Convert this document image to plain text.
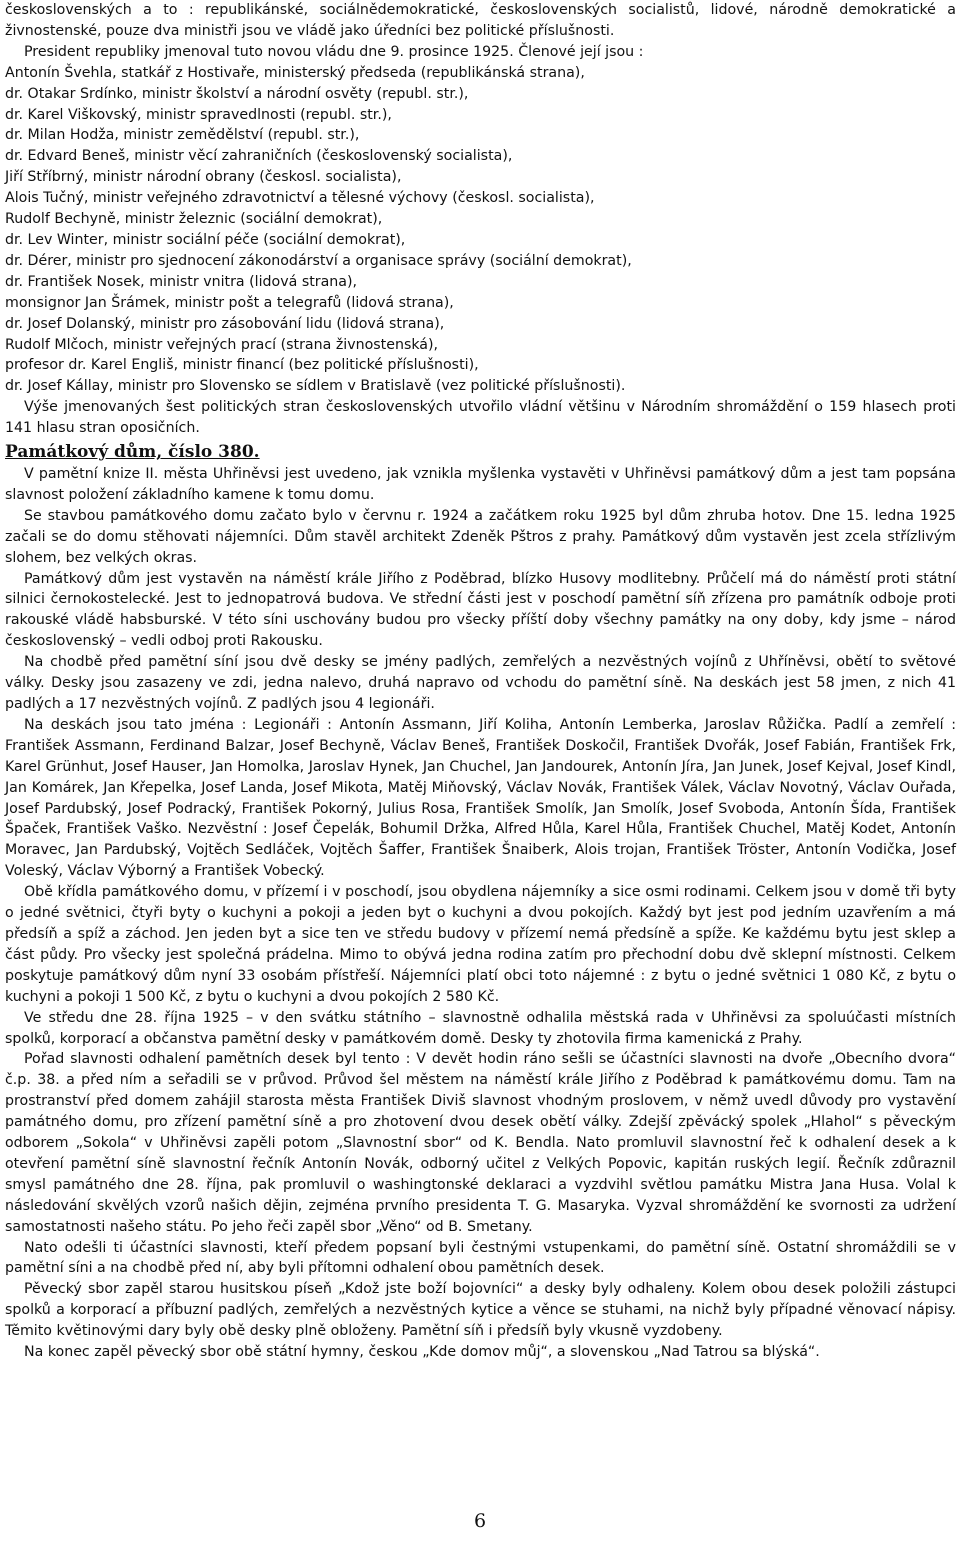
československých a to : republikánské, sociálnědemokratické, československých socialistů, lidové, národně demokratické a živnostenské, pouze dva ministři jsou ve vládě jako úředníci bez politické příslušnosti.

President republiky jmenoval tuto novou vládu dne 9. prosince 1925. Členové její jsou :

Antonín Švehla, statkář z Hostivaře, ministerský předseda (republikánská strana),
dr. Otakar Srdínko, ministr školství a národní osvěty (republ. str.),
dr. Karel Viškovský, ministr spravedlnosti (republ. str.),
dr. Milan Hodža, ministr zemědělství (republ. str.),
dr. Edvard Beneš, ministr věcí zahraničních (československý socialista),
Jiří Stříbrný, ministr národní obrany (českosl. socialista),
Alois Tučný, ministr veřejného zdravotnictví a tělesné výchovy (českosl. socialista),
Rudolf Bechyně, ministr železnic (sociální demokrat),
dr. Lev Winter, ministr sociální péče (sociální demokrat),
dr. Dérer, ministr pro sjednocení zákonodárství a organisace správy (sociální demokrat),
dr. František Nosek, ministr vnitra (lidová strana),
monsignor Jan Šrámek, ministr pošt a telegrafů (lidová strana),
dr. Josef Dolanský, ministr pro zásobování lidu (lidová strana),
Rudolf Mlčoch, ministr veřejných prací (strana živnostenská),
profesor dr. Karel Engliš, ministr financí (bez politické příslušnosti),
dr. Josef Kállay, ministr pro Slovensko se sídlem v Bratislavě (vez politické příslušnosti).

Výše jmenovaných šest politických stran československých utvořilo vládní většinu v Národním shromáždění o 159 hlasech proti 141 hlasu stran oposičních.

Památkový dům, číslo 380.

V pamětní knize II. města Uhřiněvsi jest uvedeno, jak vznikla myšlenka vystavěti v Uhřiněvsi památkový dům a jest tam popsána slavnost položení základního kamene k tomu domu.

Se stavbou památkového domu začato bylo v červnu r. 1924 a začátkem roku 1925 byl dům zhruba hotov. Dne 15. ledna 1925 začali se do domu stěhovati nájemníci. Dům stavěl architekt Zdeněk Pštros z prahy. Památkový dům vystavěn jest zcela střízlivým slohem, bez velkých okras.

Památkový dům jest vystavěn na náměstí krále Jiřího z Poděbrad, blízko Husovy modlitebny. Průčelí má do náměstí proti státní silnici černokostelecké. Jest to jednopatrová budova. Ve střední části jest v poschodí pamětní síň zřízena pro památník odboje proti rakouské vládě habsburské. V této síni uschovány budou pro všecky příští doby všechny památky na ony doby, kdy jsme – národ československý – vedli odboj proti Rakousku.

Na chodbě před pamětní síní jsou dvě desky se jmény padlých, zemřelých a nezvěstných vojínů z Uhříněvsi, obětí to světové války. Desky jsou zasazeny ve zdi, jedna nalevo, druhá napravo od vchodu do pamětní síně. Na deskách jest 58 jmen, z nich 41 padlých a 17 nezvěstných vojínů. Z padlých jsou 4 legionáři.

Na deskách jsou tato jména : Legionáři : Antonín Assmann, Jiří Koliha, Antonín Lemberka, Jaroslav Růžička. Padlí a zemřelí : František Assmann, Ferdinand Balzar, Josef Bechyně, Václav Beneš, František Doskočil, František Dvořák, Josef Fabián, František Frk, Karel Grünhut, Josef Hauser, Jan Homolka, Jaroslav Hynek, Jan Chuchel, Jan Jandourek, Antonín Jíra, Jan Junek, Josef Kejval, Josef Kindl, Jan Komárek, Jan Křepelka, Josef Landa, Josef Mikota, Matěj Miňovský, Václav Novák, František Válek, Václav Novotný, Václav Ouřada, Josef Pardubský, Josef Podracký, František Pokorný, Julius Rosa, František Smolík, Jan Smolík, Josef Svoboda, Antonín Šída, František Špaček, František Vaško. Nezvěstní : Josef Čepelák, Bohumil Držka, Alfred Hůla, Karel Hůla, František Chuchel, Matěj Kodet, Antonín Moravec, Jan Pardubský, Vojtěch Sedláček, Vojtěch Šaffer, František Šnaiberk, Alois trojan, František Tröster, Antonín Vodička, Josef Voleský, Václav Výborný a František Vobecký.

Obě křídla památkového domu, v přízemí i v poschodí, jsou obydlena nájemníky a sice osmi rodinami. Celkem jsou v domě tři byty o jedné světnici, čtyři byty o kuchyni a pokoji a jeden byt o kuchyni a dvou pokojích. Každý byt jest pod jedním uzavřením a má předsíň a spíž a záchod. Jen jeden byt a sice ten ve středu budovy v přízemí nemá předsíně a spíže. Ke každému bytu jest sklep a část půdy. Pro všecky jest společná prádelna. Mimo to obývá jedna rodina zatím pro přechodní dobu dvě sklepní místnosti. Celkem poskytuje památkový dům nyní 33 osobám přístřeší. Nájemníci platí obci toto nájemné : z bytu o jedné světnici 1 080 Kč, z bytu o kuchyni a pokoji 1 500 Kč, z bytu o kuchyni a dvou pokojích 2 580 Kč.

Ve středu dne 28. října 1925 – v den svátku státního – slavnostně odhalila městská rada v Uhřiněvsi za spoluúčasti místních spolků, korporací a občanstva pamětní desky v památkovém domě. Desky ty zhotovila firma kamenická z Prahy.

Pořad slavnosti odhalení pamětních desek byl tento : V devět hodin ráno sešli se účastníci slavnosti na dvoře „Obecního dvora“ č.p. 38. a před ním a seřadili se v průvod. Průvod šel městem na náměstí krále Jiřího z Poděbrad k památkovému domu. Tam na prostranství před domem zahájil starosta města František Diviš slavnost vhodným proslovem, v němž uvedl důvody pro vystavění památného domu, pro zřízení pamětní síně a pro zhotovení dvou desek obětí války. Zdejší zpěvácký spolek „Hlahol“ s pěveckým odborem „Sokola“ v Uhřiněvsi zapěli potom „Slavnostní sbor“ od K. Bendla. Nato promluvil slavnostní řeč k odhalení desek a k otevření pamětní síně slavnostní řečník Antonín Novák, odborný učitel z Velkých Popovic, kapitán ruských legií. Řečník zdůraznil smysl památného dne 28. října, pak promluvil o washingtonské deklaraci a vyzdvihl světlou památku Mistra Jana Husa. Volal k následování skvělých vzorů našich dějin, zejména prvního presidenta T. G. Masaryka. Vyzval shromáždění ke svornosti za udržení samostatnosti našeho státu. Po jeho řeči zapěl sbor „Věno“ od B. Smetany.

Nato odešli ti účastníci slavnosti, kteří předem popsaní byli čestnými vstupenkami, do pamětní síně. Ostatní shromáždili se v pamětní síni a na chodbě před ní, aby byli přítomni odhalení obou pamětních desek.

Pěvecký sbor zapěl starou husitskou píseň „Kdož jste boží bojovníci“ a desky byly odhaleny. Kolem obou desek položili zástupci spolků a korporací a příbuzní padlých, zemřelých a nezvěstných kytice a věnce se stuhami, na nichž byly případné věnovací nápisy. Těmito květinovými dary byly obě desky plně obloženy. Pamětní síň i předsíň byly vkusně vyzdobeny.

Na konec zapěl pěvecký sbor obě státní hymny, českou „Kde domov můj“, a slovenskou „Nad Tatrou sa blýská“.

6
